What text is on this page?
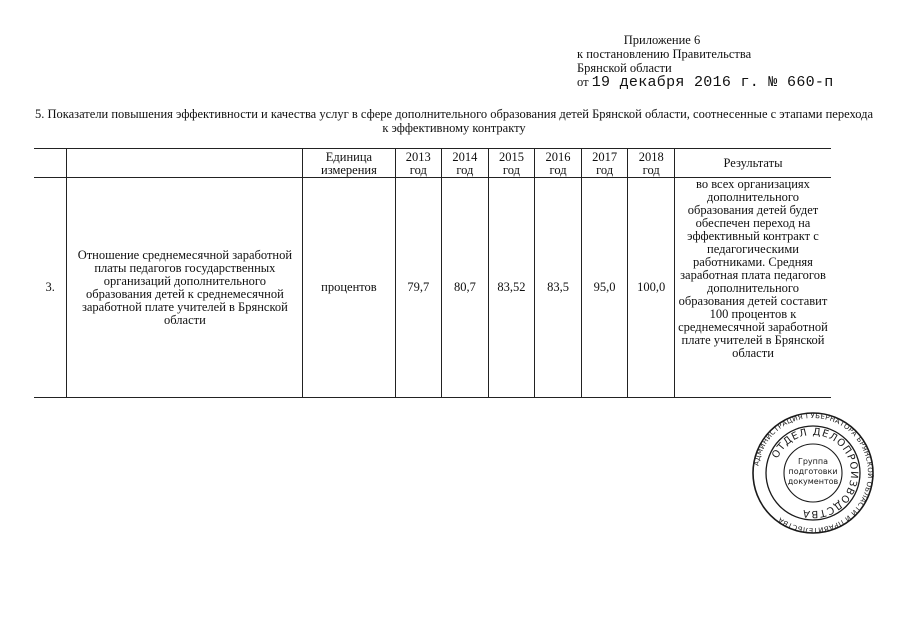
Приложение 6
к постановлению Правительства
Брянской области
от 19 декабря 2016 г. № 660-п
5. Показатели повышения эффективности и качества услуг в сфере дополнительного образования детей Брянской области, соотнесенные с этапами перехода к эффективному контракту
		Единица измерения	2013 год	2014 год	2015 год	2016 год	2017 год	2018 год	Результаты
3.	Отношение среднемесячной заработной платы педагогов государственных организаций дополнительного образования детей к среднемесячной заработной плате учителей в Брянской области	процентов	79,7	80,7	83,52	83,5	95,0	100,0	во всех организациях дополнительного образования детей будет обеспечен переход на эффективный контракт с педагогическими работниками. Средняя заработная плата педагогов дополнительного образования детей составит 100 процентов к среднемесячной заработной плате учителей в Брянской области
АДМИНИСТРАЦИЯ ГУБЕРНАТОРА БРЯНСКОЙ ОБЛАСТИ И ПРАВИТЕЛЬСТВА
ОТДЕЛ ДЕЛОПРОИЗВОДСТВА
Группа
подготовки
документов
